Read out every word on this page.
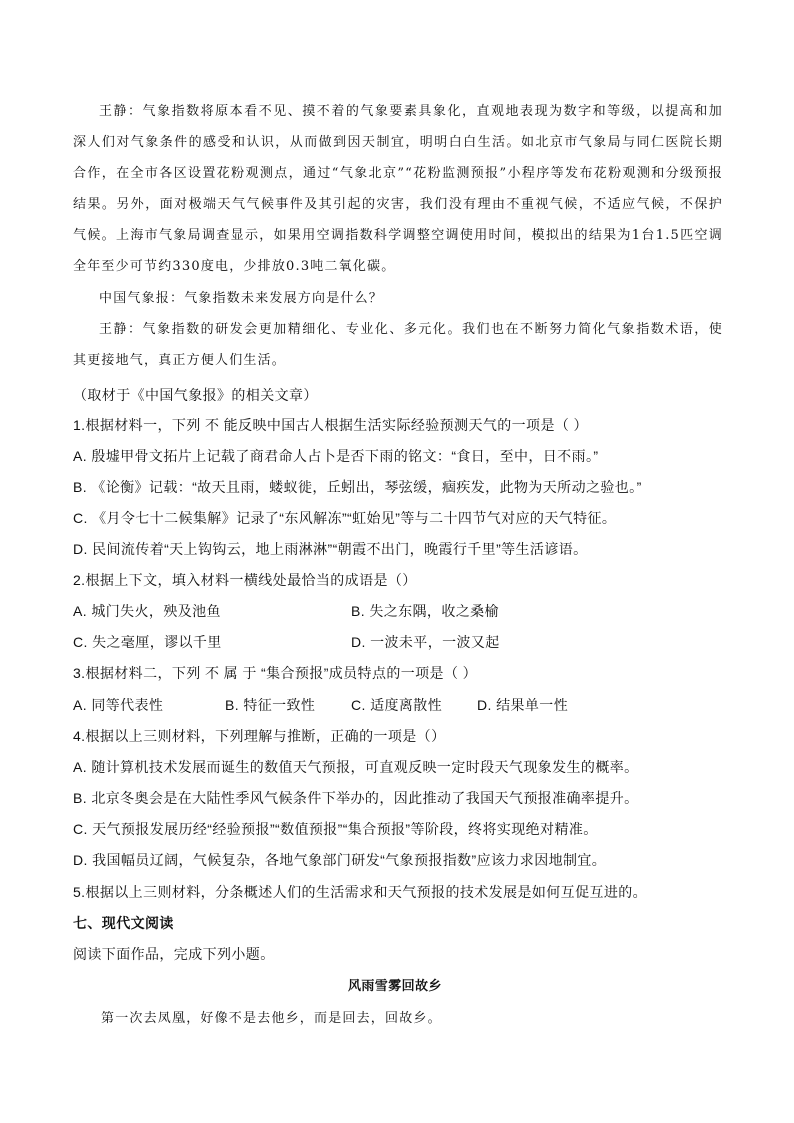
王静：气象指数将原本看不见、摸不着的气象要素具象化，直观地表现为数字和等级，以提高和加深人们对气象条件的感受和认识，从而做到因天制宜，明明白白生活。如北京市气象局与同仁医院长期合作，在全市各区设置花粉观测点，通过“气象北京”“花粉监测预报”小程序等发布花粉观测和分级预报结果。另外，面对极端天气气候事件及其引起的灾害，我们没有理由不重视气候，不适应气候，不保护气候。上海市气象局调查显示，如果用空调指数科学调整空调使用时间，模拟出的结果为1台1.5匹空调全年至少可节约330度电，少排放0.3吨二氧化碳。
中国气象报：气象指数未来发展方向是什么？
王静：气象指数的研发会更加精细化、专业化、多元化。我们也在不断努力简化气象指数术语，使其更接地气，真正方便人们生活。
（取材于《中国气象报》的相关文章）
1.根据材料一，下列 不 能反映中国古人根据生活实际经验预测天气的一项是（ ）
A. 殷墟甲骨文拓片上记载了商君命人占卜是否下雨的铭文：“食日，至中，日不雨。”
B. 《论衡》记载：“故天且雨，蝼蚁徙，丘蚓出，琴弦缓，痼疾发，此物为天所动之验也。”
C. 《月令七十二候集解》记录了“东风解冻”“虹始见”等与二十四节气对应的天气特征。
D. 民间流传着“天上钩钩云，地上雨淋淋”“朝霞不出门，晚霞行千里”等生活谚语。
2.根据上下文，填入材料一横线处最恰当的成语是（）
A. 城门失火，殃及池鱼	B. 失之东隅，收之桑榆
C. 失之毫厘，谬以千里	D. 一波未平，一波又起
3.根据材料二，下列 不 属 于 “集合预报”成员特点的一项是（ ）
A. 同等代表性	B. 特征一致性	C. 适度离散性 D. 结果单一性
4.根据以上三则材料，下列理解与推断，正确的一项是（）
A. 随计算机技术发展而诞生的数值天气预报，可直观反映一定时段天气现象发生的概率。
B. 北京冬奥会是在大陆性季风气候条件下举办的，因此推动了我国天气预报准确率提升。
C. 天气预报发展历经“经验预报”“数值预报”“集合预报”等阶段，终将实现绝对精准。
D. 我国幅员辽阔，气候复杂，各地气象部门研发“气象预报指数”应该力求因地制宜。
5.根据以上三则材料，分条概述人们的生活需求和天气预报的技术发展是如何互促互进的。
七、现代文阅读
阅读下面作品，完成下列小题。
风雨雪雾回故乡
第一次去凤凰，好像不是去他乡，而是回去，回故乡。
